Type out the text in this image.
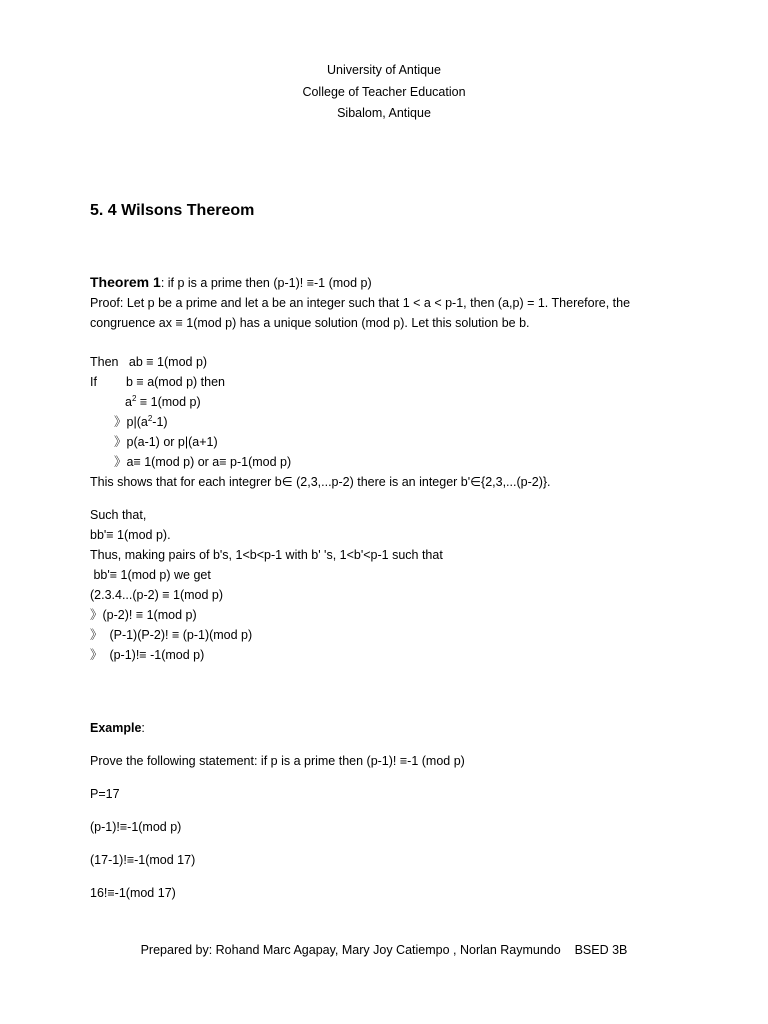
University of Antique
College of Teacher Education
Sibalom, Antique
5. 4 Wilsons Thereom

Theorem 1: if p is a prime then (p-1)! ≡-1 (mod p)

Proof: Let p be a prime and let a be an integer such that 1 < a < p-1, then (a,p) = 1. Therefore, the

congruence ax ≡ 1(mod p) has a unique solution (mod p). Let this solution be b.

Then   ab ≡ 1(mod p)

If b ≡ a(mod p) then

$a^2 \equiv 1(mod$ p)

》$p|(a^2-1)$

》p(a-1) or p|(a+1)

》a≡ 1(mod p) or a≡ p-1(mod p)

This shows that for each integrer b∈ (2,3,...p-2) there is an integer b'∈{2,3,...(p-2)}.

Such that,

bb'≡ 1(mod p).

Thus, making pairs of b's, 1<b<p-1 with b' 's, 1<b'<p-1 such that

bb'≡ 1(mod p) we get

(2.3.4...(p-2) ≡ 1(mod p)

》(p-2)! ≡ 1(mod p)

》  (P-1)(P-2)! ≡ (p-1)(mod p)

》  (p-1)!≡ -1(mod p)

Example:

Prove the following statement: if p is a prime then (p-1)! ≡-1 (mod p)

P=17

(p-1)!≡-1(mod p)

(17-1)!≡-1(mod 17)

16!≡-1(mod 17)

Prepared by: Rohand Marc Agapay, Mary Joy Catiempo , Norlan Raymundo    BSED 3B
